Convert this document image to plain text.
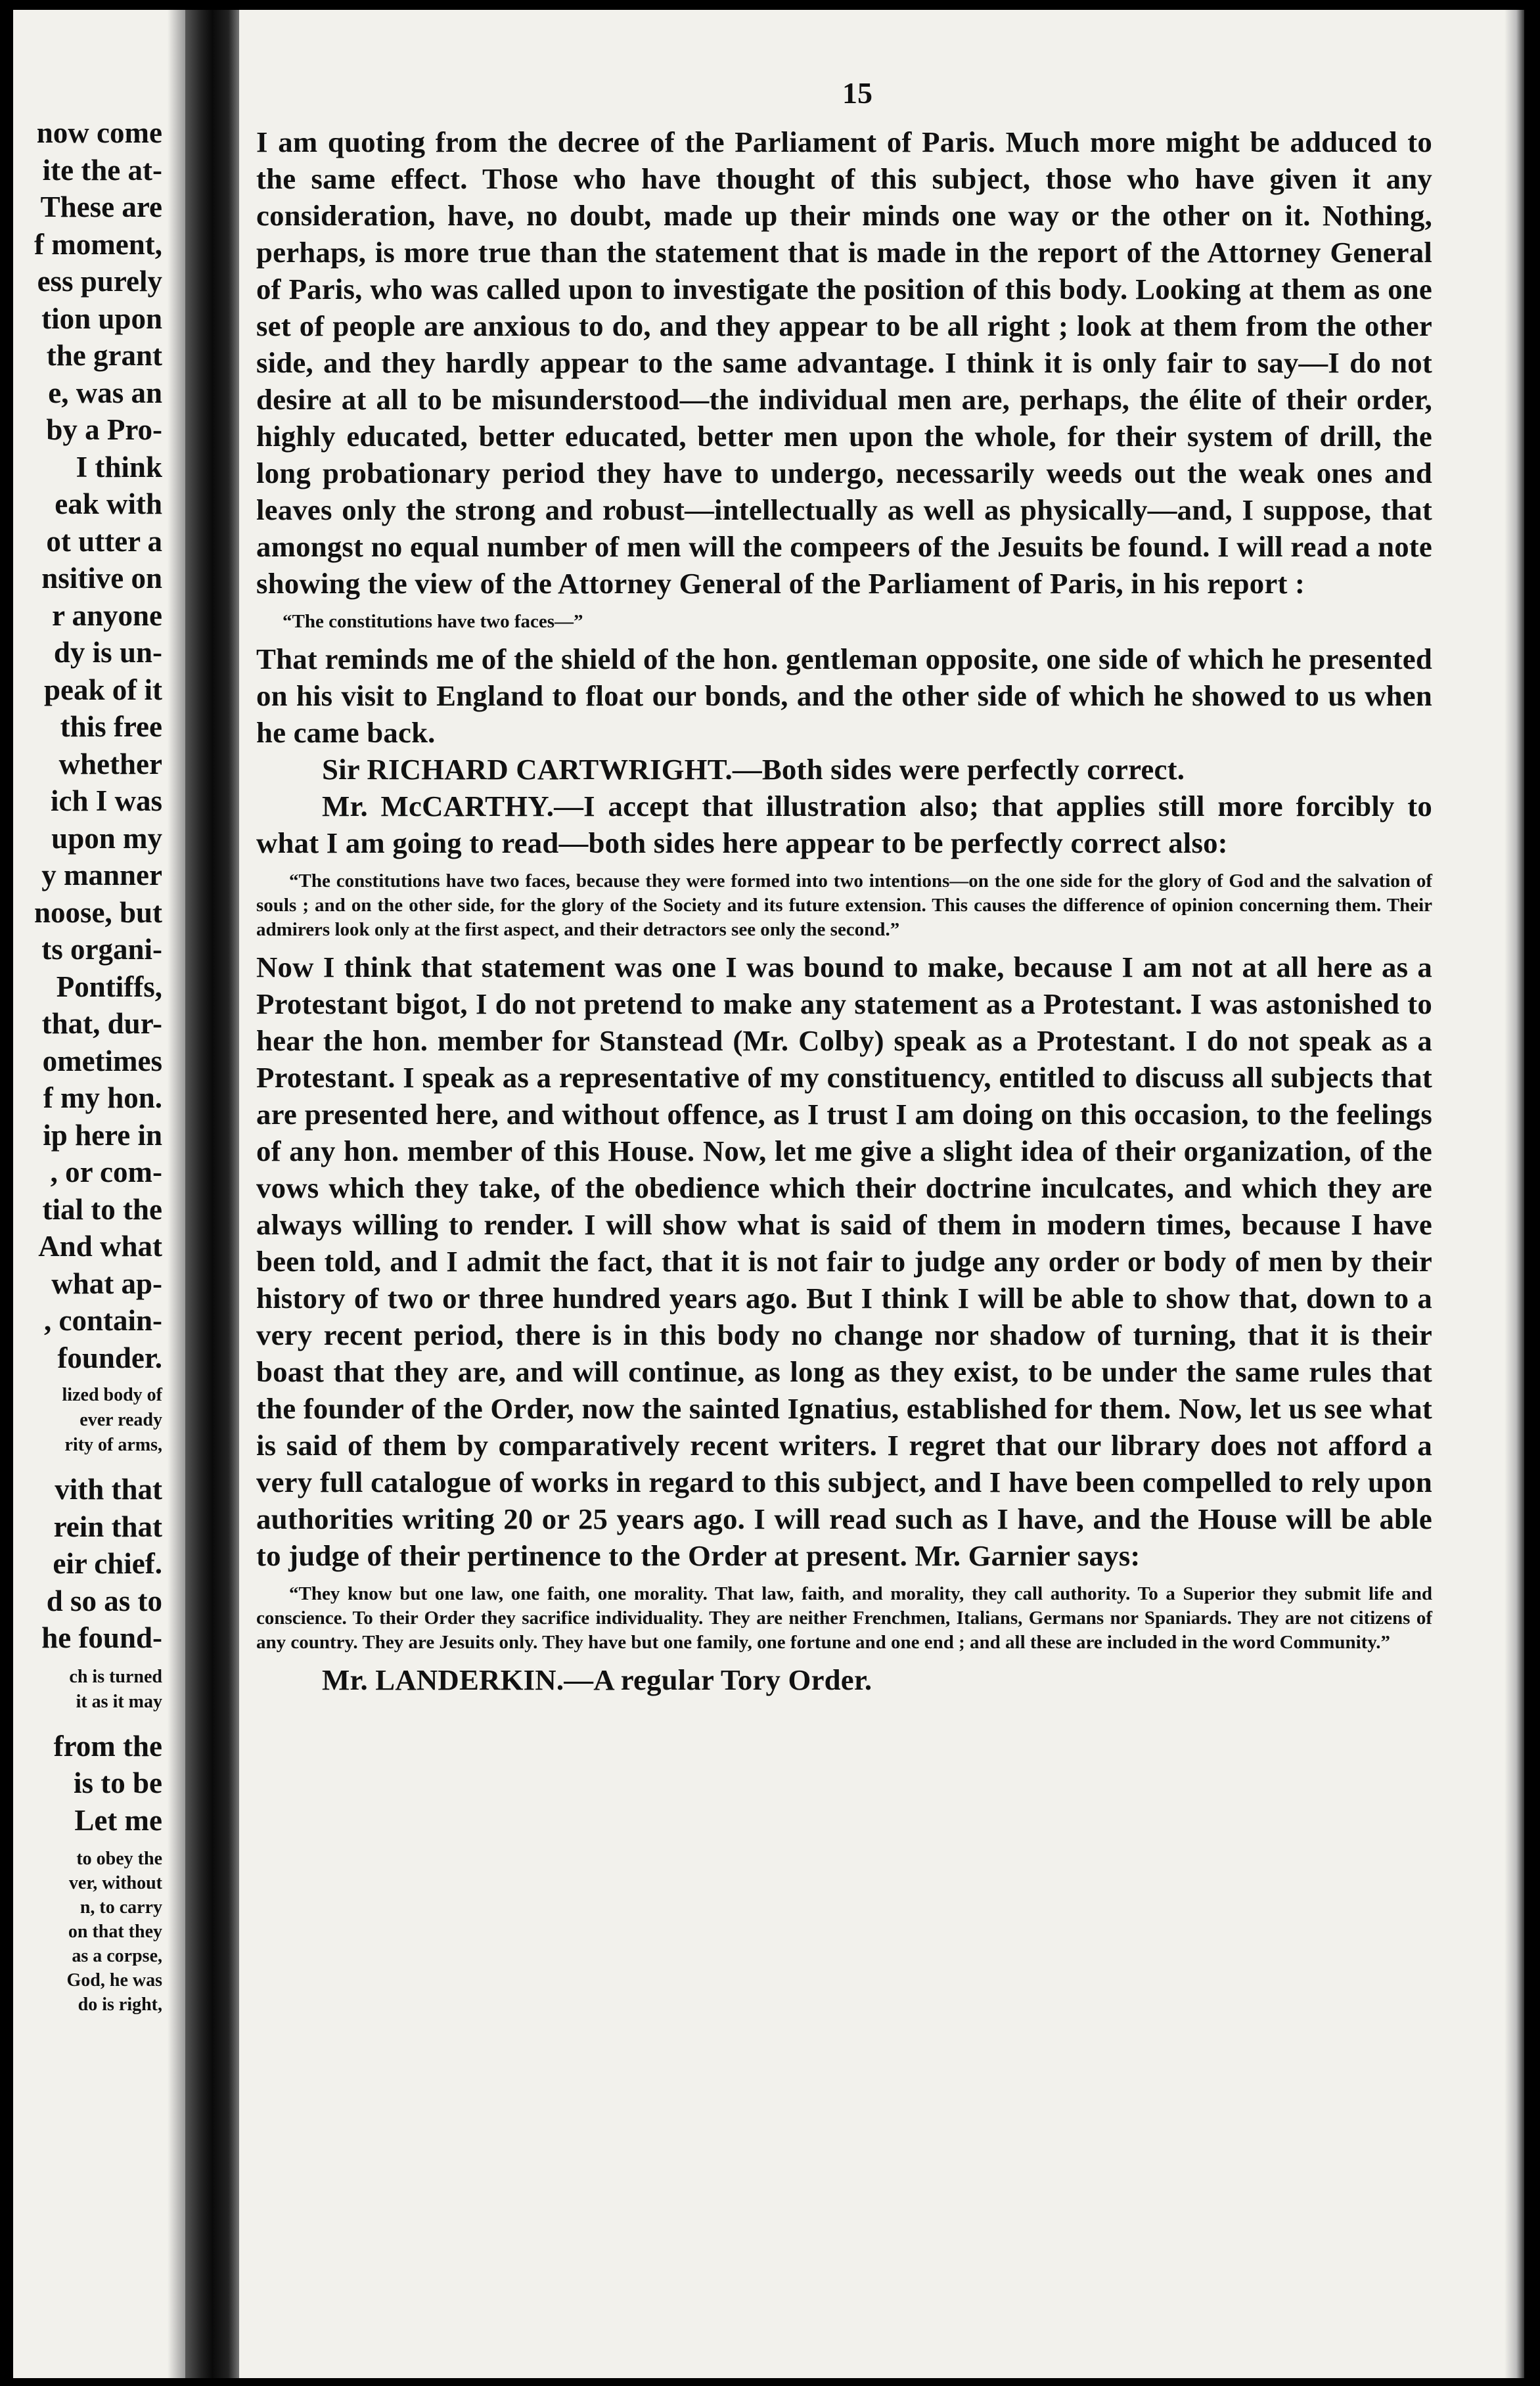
now come
ite the at-
These are
f moment,
ess purely
tion upon
the grant
e, was an
by a Pro-
I think
eak with
ot utter a
nsitive on
r anyone
dy is un-
peak of it
this free
whether
ich I was
upon my
y manner
noose, but
ts organi-
Pontiffs,
that, dur-
ometimes
f my hon.
ip here in
, or com-
tial to the
And what
what ap-
, contain-
founder.
lized body of
ever ready
rity of arms,
vith that
rein that
eir chief.
d so as to
he found-
ch is turned
it as it may
from the
is to be
Let me
to obey the
ver, without
n, to carry
on that they
as a corpse,
God, he was
do is right,
15

I am quoting from the decree of the Parliament of Paris. Much more might be adduced to the same effect. Those who have thought of this subject, those who have given it any consideration, have, no doubt, made up their minds one way or the other on it. Nothing, perhaps, is more true than the statement that is made in the report of the Attorney General of Paris, who was called upon to investigate the position of this body. Looking at them as one set of people are anxious to do, and they appear to be all right ; look at them from the other side, and they hardly appear to the same advantage. I think it is only fair to say—I do not desire at all to be misunderstood—the individual men are, perhaps, the élite of their order, highly educated, better educated, better men upon the whole, for their system of drill, the long probationary period they have to undergo, necessarily weeds out the weak ones and leaves only the strong and robust—intellectually as well as physically—and, I suppose, that amongst no equal number of men will the compeers of the Jesuits be found. I will read a note showing the view of the Attorney General of the Parliament of Paris, in his report :

“The constitutions have two faces—”

That reminds me of the shield of the hon. gentleman opposite, one side of which he presented on his visit to England to float our bonds, and the other side of which he showed to us when he came back.

Sir RICHARD CARTWRIGHT.—Both sides were perfectly correct.

Mr. McCARTHY.—I accept that illustration also; that applies still more forcibly to what I am going to read—both sides here appear to be perfectly correct also:

“The constitutions have two faces, because they were formed into two intentions—on the one side for the glory of God and the salvation of souls ; and on the other side, for the glory of the Society and its future extension. This causes the difference of opinion concerning them. Their admirers look only at the first aspect, and their detractors see only the second.”

Now I think that statement was one I was bound to make, because I am not at all here as a Protestant bigot, I do not pretend to make any statement as a Protestant. I was astonished to hear the hon. member for Stanstead (Mr. Colby) speak as a Protestant. I do not speak as a Protestant. I speak as a representative of my constituency, entitled to discuss all subjects that are presented here, and without offence, as I trust I am doing on this occasion, to the feelings of any hon. member of this House. Now, let me give a slight idea of their organization, of the vows which they take, of the obedience which their doctrine inculcates, and which they are always willing to render. I will show what is said of them in modern times, because I have been told, and I admit the fact, that it is not fair to judge any order or body of men by their history of two or three hundred years ago. But I think I will be able to show that, down to a very recent period, there is in this body no change nor shadow of turning, that it is their boast that they are, and will continue, as long as they exist, to be under the same rules that the founder of the Order, now the sainted Ignatius, established for them. Now, let us see what is said of them by comparatively recent writers. I regret that our library does not afford a very full catalogue of works in regard to this subject, and I have been compelled to rely upon authorities writing 20 or 25 years ago. I will read such as I have, and the House will be able to judge of their pertinence to the Order at present. Mr. Garnier says:

“They know but one law, one faith, one morality. That law, faith, and morality, they call authority. To a Superior they submit life and conscience. To their Order they sacrifice individuality. They are neither Frenchmen, Italians, Germans nor Spaniards. They are not citizens of any country. They are Jesuits only. They have but one family, one fortune and one end ; and all these are included in the word Community.”

Mr. LANDERKIN.—A regular Tory Order.
